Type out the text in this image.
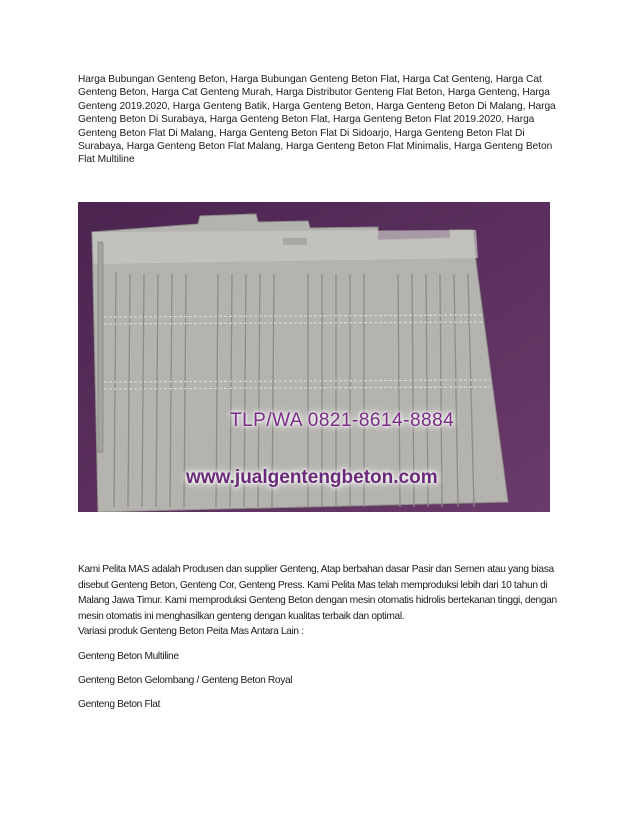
Harga Bubungan Genteng Beton, Harga Bubungan Genteng Beton Flat, Harga Cat Genteng, Harga Cat Genteng Beton, Harga Cat Genteng Murah, Harga Distributor Genteng Flat Beton, Harga Genteng, Harga Genteng 2019.2020, Harga Genteng Batik, Harga Genteng Beton, Harga Genteng Beton Di Malang, Harga Genteng Beton Di Surabaya, Harga Genteng Beton Flat, Harga Genteng Beton Flat 2019.2020, Harga Genteng Beton Flat Di Malang, Harga Genteng Beton Flat Di Sidoarjo, Harga Genteng Beton Flat Di Surabaya, Harga Genteng Beton Flat Malang, Harga Genteng Beton Flat Minimalis, Harga Genteng Beton Flat Multiline

TLP/WA 0821-8614-8884
www.jualgentengbeton.com

Kami Pelita MAS adalah Produsen dan supplier Genteng, Atap berbahan dasar Pasir dan Semen atau yang biasa disebut Genteng Beton, Genteng Cor, Genteng Press. Kami Pelita Mas telah memproduksi lebih dari 10 tahun di Malang Jawa Timur. Kami memproduksi Genteng Beton dengan mesin otomatis hidrolis bertekanan tinggi, dengan mesin otomatis ini menghasilkan genteng dengan kualitas terbaik dan optimal.

Variasi produk Genteng Beton Peita Mas Antara Lain :

Genteng Beton Multiline

Genteng Beton Gelombang / Genteng Beton Royal

Genteng Beton Flat
